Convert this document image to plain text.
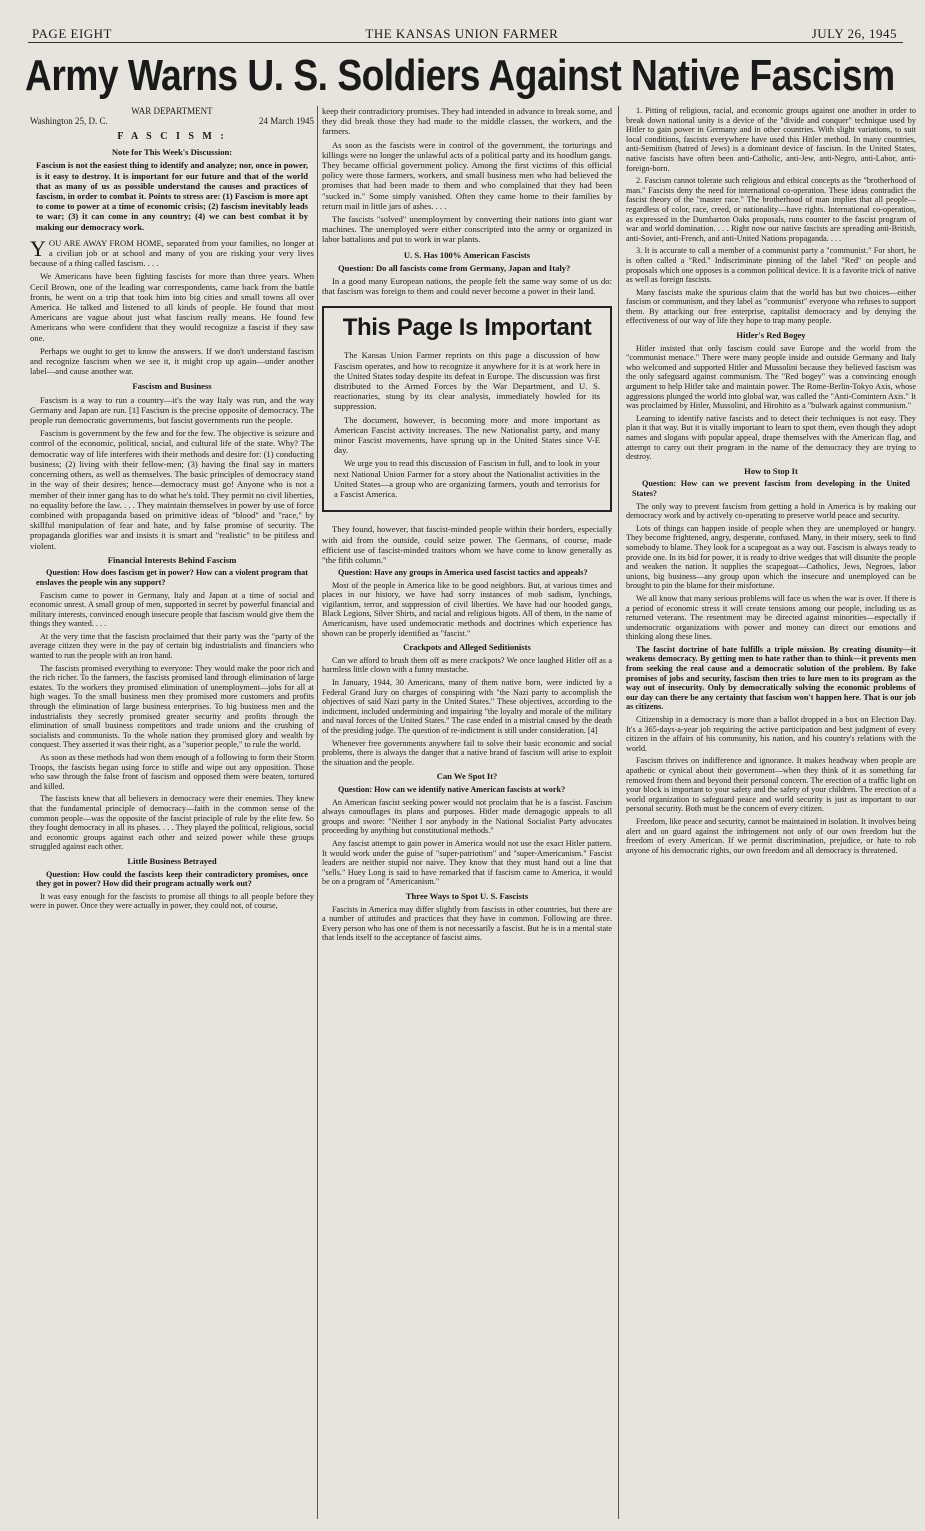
PAGE EIGHT	THE KANSAS UNION FARMER	JULY 26, 1945
Army Warns U. S. Soldiers Against Native Fascism
WAR DEPARTMENT
Washington 25, D. C.	24 March 1945
F A S C I S M :
Note for This Week's Discussion:
Fascism is not the easiest thing to identify and analyze; nor, once in power, is it easy to destroy. It is important for our future and that of the world that as many of us as possible understand the causes and practices of fascism, in order to combat it. Points to stress are: (1) Fascism is more apt to come to power at a time of economic crisis; (2) fascism inevitably leads to war; (3) it can come in any country; (4) we can best combat it by making our democracy work.

YOU ARE AWAY FROM HOME, separated from your families, no longer at a civilian job or at school and many of you are risking your very lives because of a thing called fascism. . . .

We Americans have been fighting fascists for more than three years. When Cecil Brown, one of the leading war correspondents, came back from the battle fronts, he went on a trip that took him into big cities and small towns all over America. He talked and listened to all kinds of people. He found that most Americans are vague about just what fascism really means. He found few Americans who were confident that they would recognize a fascist if they saw one.

Perhaps we ought to get to know the answers. If we don't understand fascism and recognize fascism when we see it, it might crop up again—under another label—and cause another war.

Fascism and Business

Fascism is a way to run a country—it's the way Italy was run, and the way Germany and Japan are run. [1] Fascism is the precise opposite of democracy. The people run democratic governments, but fascist governments run the people.

Fascism is government by the few and for the few. The objective is seizure and control of the economic, political, social, and cultural life of the state. Why? The democratic way of life interferes with their methods and desire for: (1) conducting business; (2) living with their fellow-men; (3) having the final say in matters concerning others, as well as themselves. The basic principles of democracy stand in the way of their desires; hence—democracy must go! Anyone who is not a member of their inner gang has to do what he's told. They permit no civil liberties, no equality before the law. . . . They maintain themselves in power by use of force combined with propaganda based on primitive ideas of "blood" and "race," by skillful manipulation of fear and hate, and by false promise of security. The propaganda glorifies war and insists it is smart and "realistic" to be pitiless and violent.

Financial Interests Behind Fascism
Question: How does fascism get in power? How can a violent program that enslaves the people win any support?

Fascism came to power in Germany, Italy and Japan at a time of social and economic unrest. A small group of men, supported in secret by powerful financial and military interests, convinced enough insecure people that fascism would give them the things they wanted. . . .

At the very time that the fascists proclaimed that their party was the "party of the average citizen they were in the pay of certain big industrialists and financiers who wanted to run the people with an iron hand.

The fascists promised everything to everyone: They would make the poor rich and the rich richer. To the farmers, the fascists promised land through elimination of large estates. To the workers they promised elimination of unemployment—jobs for all at high wages. To the small business men they promised more customers and profits through the elimination of large business enterprises. To big business men and the industrialists they secretly promised greater security and profits through the elimination of small business competitors and trade unions and the crushing of socialists and communists. To the whole nation they promised glory and wealth by conquest. They asserted it was their right, as a "superior people," to rule the world.

As soon as these methods had won them enough of a following to form their Storm Troops, the fascists began using force to stifle and wipe out any opposition. Those who saw through the false front of fascism and opposed them were beaten, tortured and killed.

The fascists knew that all believers in democracy were their enemies. They knew that the fundamental principle of democracy—faith in the common sense of the common people—was the opposite of the fascist principle of rule by the elite few. So they fought democracy in all its phases. . . . They played the political, religious, social and economic groups against each other and seized power while these groups struggled against each other.

Little Business Betrayed
Question: How could the fascists keep their contradictory promises, once they got in power? How did their program actually work out?

It was easy enough for the fascists to promise all things to all people before they were in power. Once they were actually in power, they could not, of course,

keep their contradictory promises. They had intended in advance to break some, and they did break those they had made to the middle classes, the workers, and the farmers.

As soon as the fascists were in control of the government, the torturings and killings were no longer the unlawful acts of a political party and its hoodlum gangs. They became official government policy. Among the first victims of this official policy were those farmers, workers, and small business men who had believed the promises that had been made to them and who complained that they had been "sucked in." Some simply vanished. Often they came home to their families by return mail in little jars of ashes. . . .

The fascists "solved" unemployment by converting their nations into giant war machines. The unemployed were either conscripted into the army or organized in labor battalions and put to work in war plants.

U. S. Has 100% American Fascists
Question: Do all fascists come from Germany, Japan and Italy?

In a good many European nations, the people felt the same way some of us do: that fascism was foreign to them and could never become a power in their land.

This Page Is Important

The Kansas Union Farmer reprints on this page a discussion of how Fascism operates, and how to recognize it anywhere for it is at work here in the United States today despite its defeat in Europe. The discussion was first distributed to the Armed Forces by the War Department, and U. S. reactionaries, stung by its clear analysis, immediately howled for its suppression.

The document, however, is becoming more and more important as American Fascist activity increases. The new Nationalist party, and many minor Fascist movements, have sprung up in the United States since V-E day.

We urge you to read this discussion of Fascism in full, and to look in your next National Union Farmer for a story about the Nationalist activities in the United States—a group who are organizing farmers, youth and terrorists for a Fascist America.

They found, however, that fascist-minded people within their borders, especially with aid from the outside, could seize power. The Germans, of course, made efficient use of fascist-minded traitors whom we have come to know generally as "the fifth column."

Question: Have any groups in America used fascist tactics and appeals?

Most of the people in America like to be good neighbors. But, at various times and places in our history, we have had sorry instances of mob sadism, lynchings, vigilantism, terror, and suppression of civil liberties. We have had our hooded gangs, Black Legions, Silver Shirts, and racial and religious bigots. All of them, in the name of Americanism, have used undemocratic methods and doctrines which experience has shown can be properly identified as "fascist."

Crackpots and Alleged Seditionists

Can we afford to brush them off as mere crackpots? We once laughed Hitler off as a harmless little clown with a funny mustache.

In January, 1944, 30 Americans, many of them native born, were indicted by a Federal Grand Jury on charges of conspiring with "the Nazi party to accomplish the objectives of said Nazi party in the United States." These objectives, according to the indictment, included undermining and impairing "the loyalty and morale of the military and naval forces of the United States." The case ended in a mistrial caused by the death of the presiding judge. The question of re-indictment is still under consideration. [4]

Whenever free governments anywhere fail to solve their basic economic and social problems, there is always the danger that a native brand of fascism will arise to exploit the situation and the people.

Can We Spot It?
Question: How can we identify native American fascists at work?

An American fascist seeking power would not proclaim that he is a fascist. Fascism always camouflages its plans and purposes. Hitler made demagogic appeals to all groups and swore: "Neither I nor anybody in the National Socialist Party advocates proceeding by anything but constitutional methods."

Any fascist attempt to gain power in America would not use the exact Hitler pattern. It would work under the guise of "super-patriotism" and "super-Americanism." Fascist leaders are neither stupid nor naive. They know that they must hand out a line that "sells." Huey Long is said to have remarked that if fascism came to America, it would be on a program of "Americanism."

Three Ways to Spot U. S. Fascists

Fascists in America may differ slightly from fascists in other countries, but there are a number of attitudes and practices that they have in common. Following are three. Every person who has one of them is not necessarily a fascist. But he is in a mental state that lends itself to the acceptance of fascist aims.

1. Pitting of religious, racial, and economic groups against one another in order to break down national unity is a device of the "divide and conquer" technique used by Hitler to gain power in Germany and in other countries. With slight variations, to suit local conditions, fascists everywhere have used this Hitler method. In many countries, anti-Semitism (hatred of Jews) is a dominant device of fascism. In the United States, native fascists have often been anti-Catholic, anti-Jew, anti-Negro, anti-Labor, anti-foreign-born.

2. Fascism cannot tolerate such religious and ethical concepts as the "brotherhood of man." Fascists deny the need for international co-operation. These ideas contradict the fascist theory of the "master race." The brotherhood of man implies that all people—regardless of color, race, creed, or nationality—have rights. International co-operation, as expressed in the Dumbarton Oaks proposals, runs counter to the fascist program of war and world domination. . . . Right now our native fascists are spreading anti-British, anti-Soviet, anti-French, and anti-United Nations propaganda. . . .

3. It is accurate to call a member of a communist party a "communist." For short, he is often called a "Red." Indiscriminate pinning of the label "Red" on people and proposals which one opposes is a common political device. It is a favorite trick of native as well as foreign fascists.

Many fascists make the spurious claim that the world has but two choices—either fascism or communism, and they label as "communist" everyone who refuses to support them. By attacking our free enterprise, capitalist democracy and by denying the effectiveness of our way of life they hope to trap many people.

Hitler's Red Bogey

Hitler insisted that only fascism could save Europe and the world from the "communist menace." There were many people inside and outside Germany and Italy who welcomed and supported Hitler and Mussolini because they believed fascism was the only safeguard against communism. The "Red bogey" was a convincing enough argument to help Hitler take and maintain power. The Rome-Berlin-Tokyo Axis, whose aggressions plunged the world into global war, was called the "Anti-Comintern Axis." It was proclaimed by Hitler, Mussolini, and Hirohito as a "bulwark against communism."

Learning to identify native fascists and to detect their techniques is not easy. They plan it that way. But it is vitally important to learn to spot them, even though they adopt names and slogans with popular appeal, drape themselves with the American flag, and attempt to carry out their program in the name of the democracy they are trying to destroy.

How to Stop It
Question: How can we prevent fascism from developing in the United States?

The only way to prevent fascism from getting a hold in America is by making our democracy work and by actively co-operating to preserve world peace and security.

Lots of things can happen inside of people when they are unemployed or hungry. They become frightened, angry, desperate, confused. Many, in their misery, seek to find somebody to blame. They look for a scapegoat as a way out. Fascism is always ready to provide one. In its bid for power, it is ready to drive wedges that will disunite the people and weaken the nation. It supplies the scapegoat—Catholics, Jews, Negroes, labor unions, big business—any group upon which the insecure and unemployed can be brought to pin the blame for their misfortune.

We all know that many serious problems will face us when the war is over. If there is a period of economic stress it will create tensions among our people, including us as returned veterans. The resentment may be directed against minorities—especially if undemocratic organizations with power and money can direct our emotions and thinking along these lines.

The fascist doctrine of hate fulfills a triple mission. By creating disunity—it weakens democracy. By getting men to hate rather than to think—it prevents men from seeking the real cause and a democratic solution of the problem. By fake promises of jobs and security, fascism then tries to lure men to its program as the way out of insecurity. Only by democratically solving the economic problems of our day can there be any certainty that fascism won't happen here. That is our job as citizens.

Citizenship in a democracy is more than a ballot dropped in a box on Election Day. It's a 365-days-a-year job requiring the active participation and best judgment of every citizen in the affairs of his community, his nation, and his country's relations with the world.

Fascism thrives on indifference and ignorance. It makes headway when people are apathetic or cynical about their government—when they think of it as something far removed from them and beyond their personal concern. The erection of a traffic light on your block is important to your safety and the safety of your children. The erection of a world organization to safeguard peace and world security is just as important to our personal security. Both must be the concern of every citizen.

Freedom, like peace and security, cannot be maintained in isolation. It involves being alert and on guard against the infringement not only of our own freedom but the freedom of every American. If we permit discrimination, prejudice, or hate to rob anyone of his democratic rights, our own freedom and all democracy is threatened.
